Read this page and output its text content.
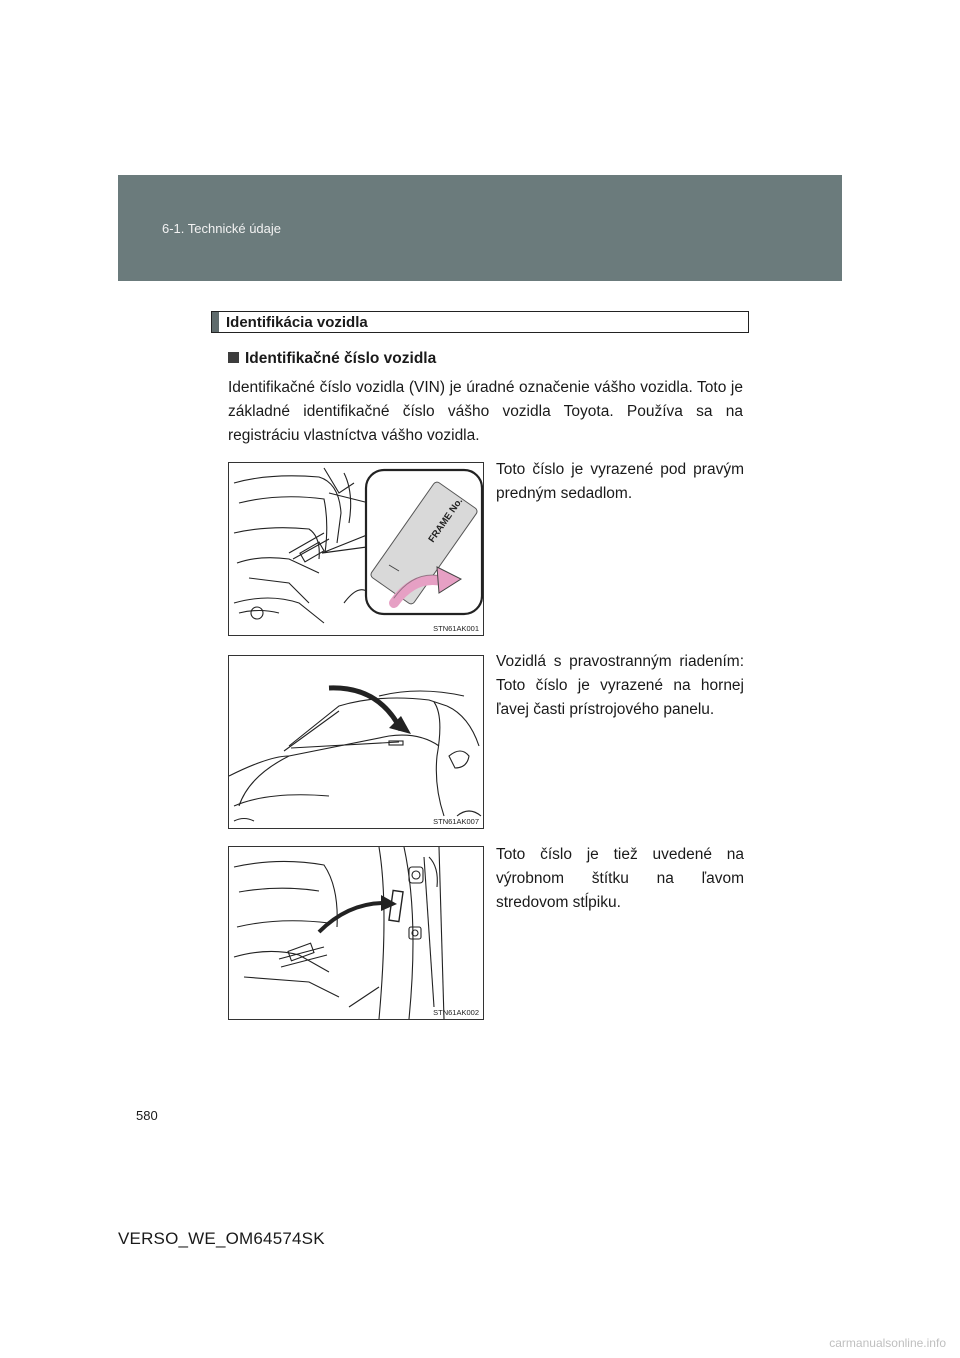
6-1. Technické údaje
Identifikácia vozidla
Identifikačné číslo vozidla
Identifikačné číslo vozidla (VIN) je úradné označenie vášho vozidla. Toto je základné identifikačné číslo vášho vozidla Toyota. Používa sa na registráciu vlastníctva vášho vozidla.
FRAME No.
STN61AK001
Toto číslo je vyrazené pod pravým predným sedadlom.
STN61AK007
Vozidlá s pravostranným riadením: Toto číslo je vyrazené na hornej ľavej časti prístrojového panelu.
STN61AK002
Toto číslo je tiež uvedené na výrobnom štítku na ľavom stredovom stĺpiku.
580
VERSO_WE_OM64574SK
carmanualsonline.info
